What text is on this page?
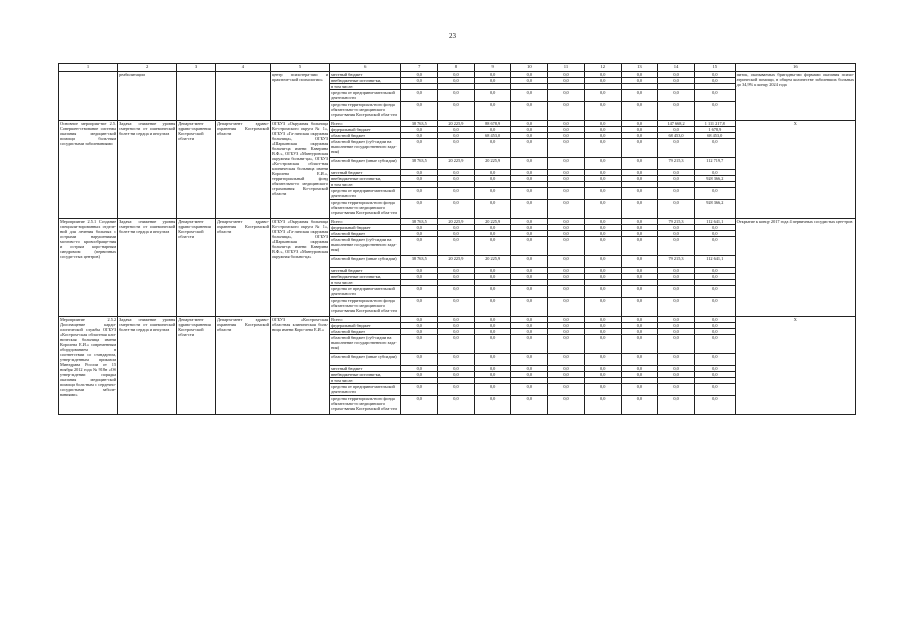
23
1	2	3	4	5	6	7	8	9	10	11	12	13	14	15	16
	реабилитации			центр психотера-пии и практиче-ской психологии»	местный бюджет	0,0	0,0	0,0	0,0	0,0	0,0	0,0	0,0	0,0	питок, оказываемых бригадны-ми формами оказания психи-атрической помощи, в общем количестве заболевших больных до 34,9% к концу 2024 года
					внебюджетные источни-ки,	0,0	0,0	0,0	0,0	0,0	0,0	0,0	0,0	0,0	
					в том числе:										
					средства от предприни-мательской деятельности	0,0	0,0	0,0	0,0	0,0	0,0	0,0	0,0	0,0	
					средства территориаль-ного фонда обязательно-го медицинского страхо-вания Костромской обла-сти	0,0	0,0	0,0	0,0	0,0	0,0	0,0	0,0	0,0	
Основное мероприя-тие 2.5. Совершен-ствование системы оказания медицин-ской помощи боль-ным сосудистыми заболеваниями	Задача: снижение уровня смертности от ишемической болез-ни сердца и инсульта	Департа-мент здраво-охранения Костром-ской обла-сти	Департа-мент здраво-охранения Костромской области	ОГБУЗ «Окружная больница Ко-стромского округа № 1», ОГБУЗ «Га-личская окружная больница», ОГБУЗ «Шарьинская окружная больни-ца имени Каверина В.Ф.», ОГБУЗ «Мантуровская окружная больни-ца», ОГБУЗ «Ко-стромская област-ная клиническая больница имени Королева Е.И.», территориальный фонд обязательно-го медицинского страхования Ко-стромской области	Всего:	38 763,5	20 225,9	88 678,9	0,0	0,0	0,0	0,0	147 668,2	1 111 217,8	X
					федеральный бюджет	0,0	0,0	0,0	0,0	0,0	0,0	0,0	0,0	1 678,9	
					областной бюджет	0,0	0,0	68 453,0	0,0	0,0	0,0	0,0	68 453,0	68 453,0	
					областной бюджет (суб-сидии на выполнение государственного зада-ния)	0,0	0,0	0,0	0,0	0,0	0,0	0,0	0,0	0,0	
					областной бюджет (иные субсидии)	38 763,5	20 225,9	20 225,9	0,0	0,0	0,0	0,0	79 215,3	112 719,7	
					местный бюджет	0,0	0,0	0,0	0,0	0,0	0,0	0,0	0,0	0,0	
					внебюджетные источни-ки,	0,0	0,0	0,0	0,0	0,0	0,0	0,0	0,0	928 366,2	
					в том числе:										
					средства от предприни-мательской деятельности	0,0	0,0	0,0	0,0	0,0	0,0	0,0	0,0	0,0	
					средства территориаль-ного фонда обязательно-го медицинского страхо-вания Костромской обла-сти	0,0	0,0	0,0	0,0	0,0	0,0	0,0	0,0	928 366,2	
Мероприятие 2.5.1 Создание специали-зированных отделе-ний для лечения больных с острыми нарушениями мозгово-го кровообраще-ния и острым коро-нарным синдромом (первичных сосуди-стых центров)	Задача: снижение уровня смертности от ишемической болез-ни сердца и инсульта	Департа-мент здраво-охранения Костром-ской обла-сти	Департа-мент здраво-охранения Костромской области	ОГБУЗ «Окружная больница Ко-стромского округа № 1», ОГБУЗ «Га-личская окружная больница», ОГБУЗ «Шарьинская окружная больни-ца имени Каверина В.Ф.», ОГБУЗ «Мантуровская окружная больни-ца»	Всего:	38 763,5	20 225,9	20 225,9	0,0	0,0	0,0	0,0	79 215,3	112 641,1	Открытие к концу 2017 года 4 первичных сосудистых цен-тров
					федеральный бюджет	0,0	0,0	0,0	0,0	0,0	0,0	0,0	0,0	0,0	
					областной бюджет	0,0	0,0	0,0	0,0	0,0	0,0	0,0	0,0	0,0	
					областной бюджет (суб-сидии на выполнение государственного зада-ния)	0,0	0,0	0,0	0,0	0,0	0,0	0,0	0,0	0,0	
					областной бюджет (иные субсидии)	38 763,5	20 225,9	20 225,9	0,0	0,0	0,0	0,0	79 215,3	112 641,1	
					местный бюджет	0,0	0,0	0,0	0,0	0,0	0,0	0,0	0,0	0,0	
					внебюджетные источни-ки,	0,0	0,0	0,0	0,0	0,0	0,0	0,0	0,0	0,0	
					в том числе:										
					средства от предприни-мательской деятельности	0,0	0,0	0,0	0,0	0,0	0,0	0,0	0,0	0,0	
					средства территориаль-ного фонда обязательно-го медицинского страхо-вания Костромской обла-сти	0,0	0,0	0,0	0,0	0,0	0,0	0,0	0,0	0,0	
Мероприятие 2.5.2 Дооснащение карди-ологической службы ОГБУЗ «Костром-ская областная кли-ническая больница имени Королева Е.И.» современным оборудованием в соответствии со стандартом, утвер-жденным приказом Минздрава России от 15 ноября 2012 года № 918н «Об утвер-ждении порядка оказания медицин-ской помощи боль-ным с сердечно-сосудистыми заболе-ваниями»	Задача: снижение уровня смертности от ишемической болез-ни сердца и инсульта	Департа-мент здраво-охранения Костром-ской обла-сти	Департа-мент здраво-охранения Костромской области	ОГБУЗ «Костром-ская областная клиническая боль-ница имени Коро-лева Е.И.»	Всего:	0,0	0,0	0,0	0,0	0,0	0,0	0,0	0,0	0,0	X
					федеральный бюджет	0,0	0,0	0,0	0,0	0,0	0,0	0,0	0,0	0,0	
					областной бюджет	0,0	0,0	0,0	0,0	0,0	0,0	0,0	0,0	0,0	
					областной бюджет (суб-сидии на выполнение государственного зада-ния)	0,0	0,0	0,0	0,0	0,0	0,0	0,0	0,0	0,0	
					областной бюджет (иные субсидии)	0,0	0,0	0,0	0,0	0,0	0,0	0,0	0,0	0,0	
					местный бюджет	0,0	0,0	0,0	0,0	0,0	0,0	0,0	0,0	0,0	
					внебюджетные источни-ки,	0,0	0,0	0,0	0,0	0,0	0,0	0,0	0,0	0,0	
					в том числе:										
					средства от предприни-мательской деятельности	0,0	0,0	0,0	0,0	0,0	0,0	0,0	0,0	0,0	
					средства территориаль-ного фонда обязательно-го медицинского страхо-вания Костромской обла-сти	0,0	0,0	0,0	0,0	0,0	0,0	0,0	0,0	0,0	
